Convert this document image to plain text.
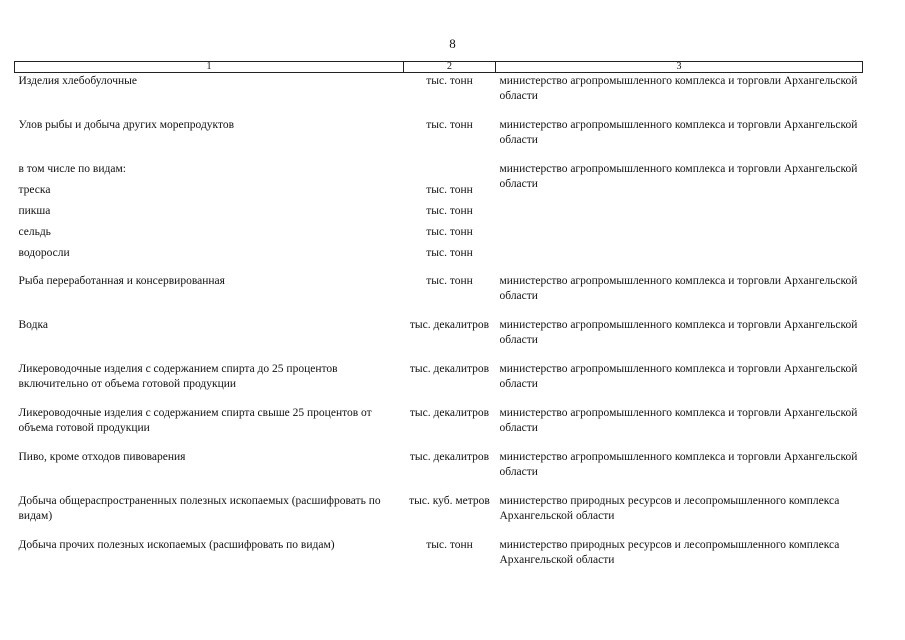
8
1	2	3
Изделия хлебобулочные	тыс. тонн	министерство агропромышленного комплекса и торговли Архангельской области
Улов рыбы и добыча других морепродуктов	тыс. тонн	министерство агропромышленного комплекса и торговли Архангельской области
в том числе по видам:		министерство агропромышленного комплекса и торговли Архангельской области
треска	тыс. тонн	
пикша	тыс. тонн	
сельдь	тыс. тонн	
водоросли	тыс. тонн	
Рыба переработанная и консервированная	тыс. тонн	министерство агропромышленного комплекса и торговли Архангельской области
Водка	тыс. декалитров	министерство агропромышленного комплекса и торговли Архангельской области
Ликероводочные изделия с содержанием спирта до 25 процентов включительно от объема готовой продукции	тыс. декалитров	министерство агропромышленного комплекса и торговли Архангельской области
Ликероводочные изделия с содержанием спирта свыше 25 процентов от объема готовой продукции	тыс. декалитров	министерство агропромышленного комплекса и торговли Архангельской области
Пиво, кроме отходов пивоварения	тыс. декалитров	министерство агропромышленного комплекса и торговли Архангельской области
Добыча общераспространенных полезных ископаемых (расшифровать по видам)	тыс. куб. метров	министерство природных ресурсов и лесопромышленного комплекса Архангельской области
Добыча прочих полезных ископаемых (расшифровать по видам)	тыс. тонн	министерство природных ресурсов и лесопромышленного комплекса Архангельской области
